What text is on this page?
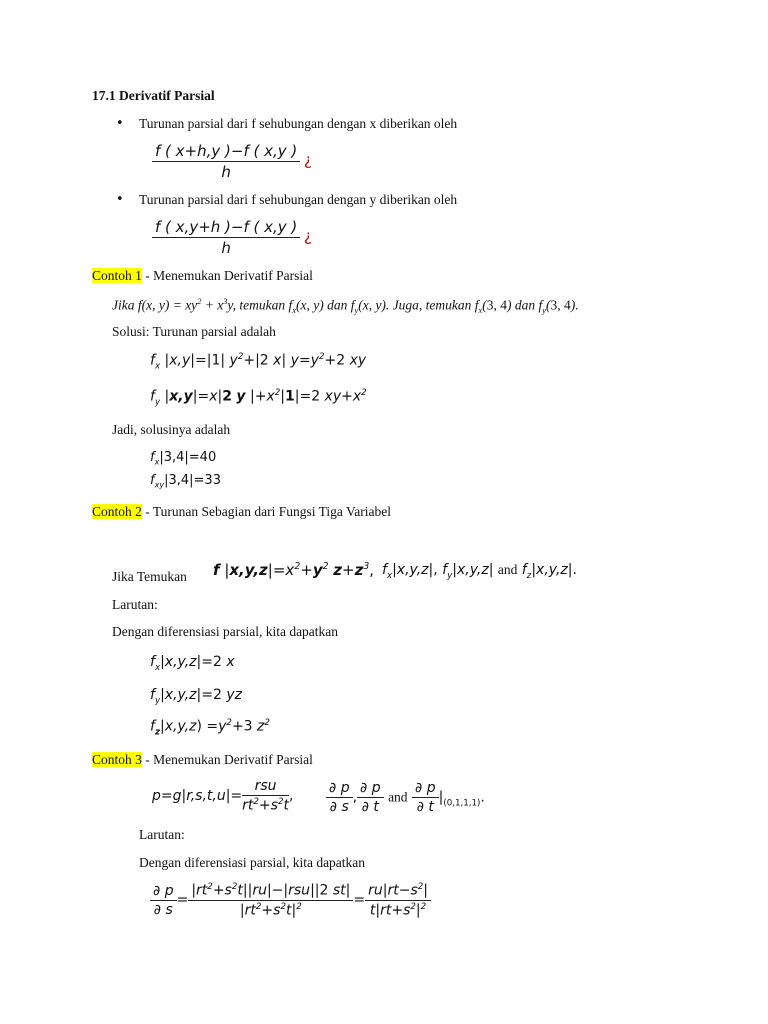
17.1 Derivatif Parsial
• Turunan parsial dari f sehubungan dengan x diberikan oleh
$\frac{f ( x+h,y )-f ( x,y )}{h}$ ¿
• Turunan parsial dari f sehubungan dengan y diberikan oleh
$\frac{f ( x,y+h )-f ( x,y )}{h}$ ¿
Contoh 1 - Menemukan Derivatif Parsial
Jika f(x, $y) = xy^2 + x^3y$, temukan $f_x(x$, y) dan $f_y(x$, y). Juga, temukan $f_x(3$, 4) dan $f_y(3$, 4).
Solusi: Turunan parsial adalah
$f_x$ |x,y|=|1| $y^2+|2$ x| $y=y^2+2$ xy
$f_y$ |x,y|=x|2 y $|+x^2|1|=2$ $xy+x^2$
Jadi, solusinya adalah
$f_x|3,4|=40$
$f_{xy}|3,4|=33$
Contoh 2 - Turunan Sebagian dari Fungsi Tiga Variabel
Jika Temukan f $|x,y,z|=x^2+y^2$ $z+z^3$, $f_x|x,y,z|$, $f_y|x,y,z|$ and $f_z|x,y,z|$.
Larutan:
Dengan diferensiasi parsial, kita dapatkan
$f_x|x,y,z|=2$ x
$f_y|x,y,z|=2$ yz
$f_z|x,y,z) =y^2+3$ $z^2$
Contoh 3 - Menemukan Derivatif Parsial
$p=g|r,s,t,u|= \frac{\text{rsu}}{rt^2+s^2t}$ , $\frac{\partial p}{\partial s}$ , $\frac{\partial p}{\partial t}$ and $\frac{\partial p}{\partial t} |_{(0,1,1,1)}$.
Larutan:
Dengan diferensiasi parsial, kita dapatkan
$\frac{\partial p}{\partial s} = \frac{|rt^2+s^2t||ru|-|rsu||2 st|}{|rt^2+s^2t|^2} = \frac{ru|rt-s^2|}{t|rt+s^2|^2}$
